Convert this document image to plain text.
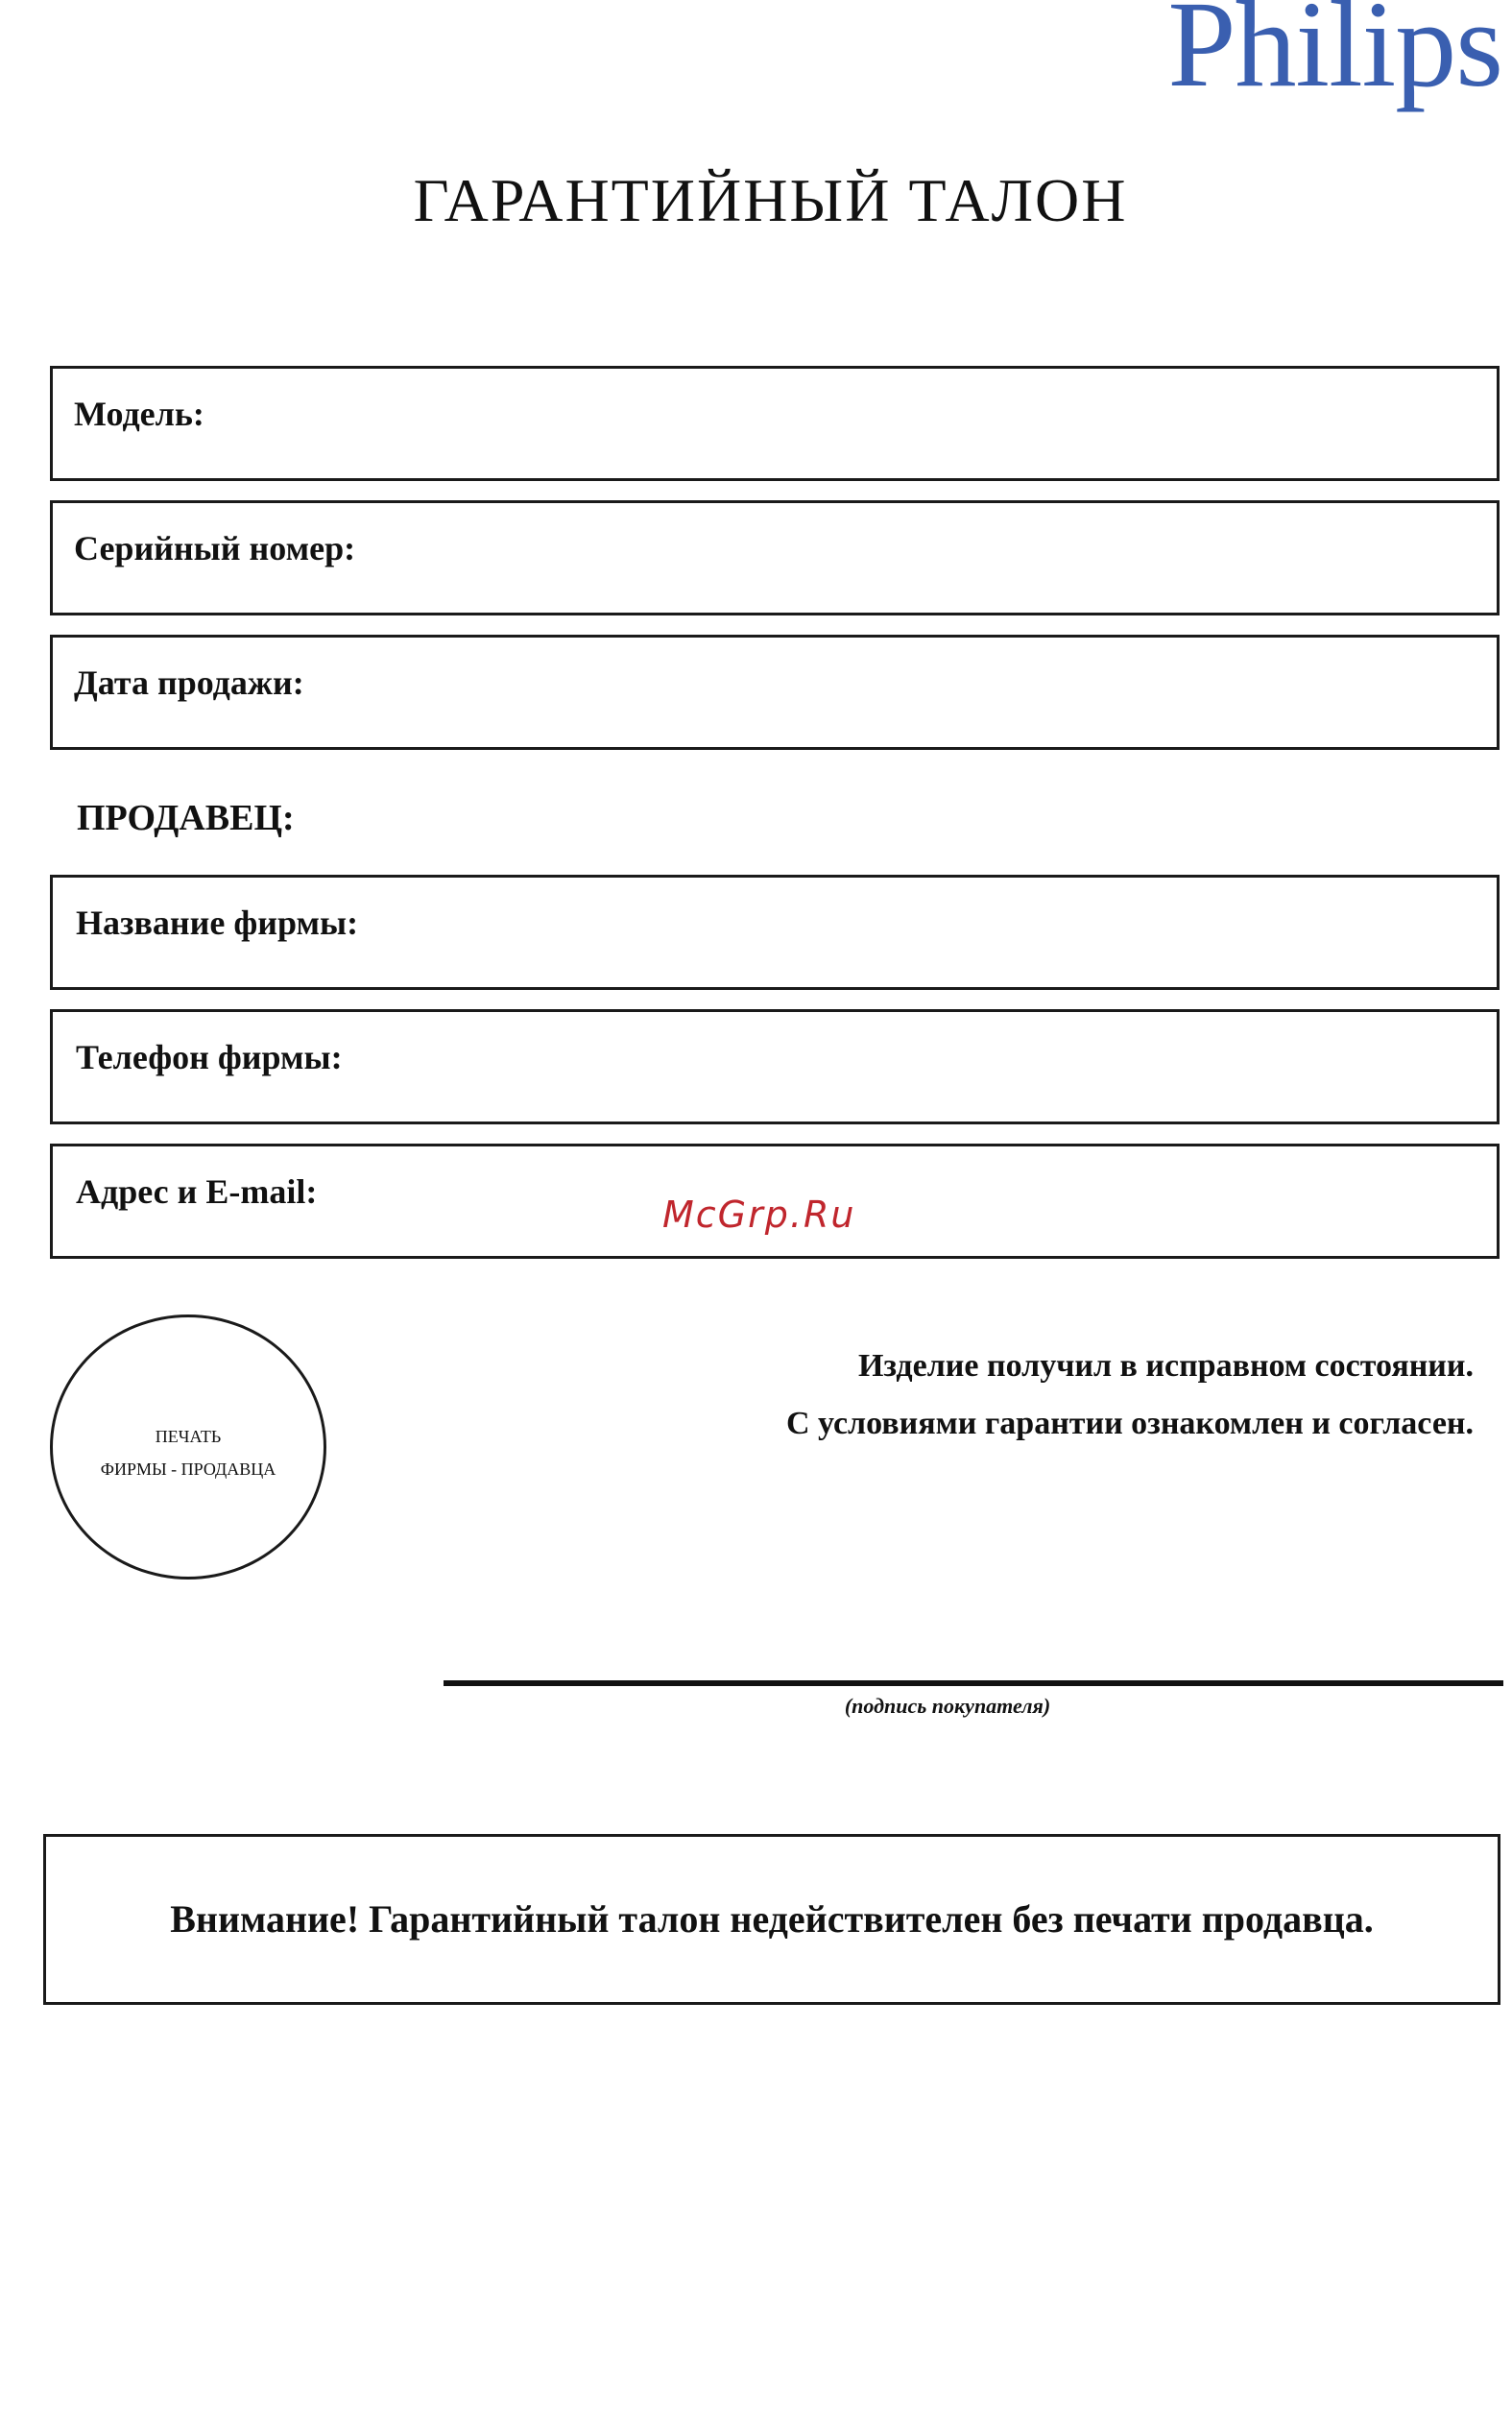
Philips
ГАРАНТИЙНЫЙ ТАЛОН
Модель:
Серийный номер:
Дата продажи:
ПРОДАВЕЦ:
Название фирмы:
Телефон фирмы:
Адрес и E-mail:
McGrp.Ru
ПЕЧАТЬ
ФИРМЫ - ПРОДАВЦА
Изделие получил в исправном состоянии.
С условиями гарантии ознакомлен и согласен.
(подпись покупателя)
Внимание! Гарантийный талон недействителен без печати продавца.
